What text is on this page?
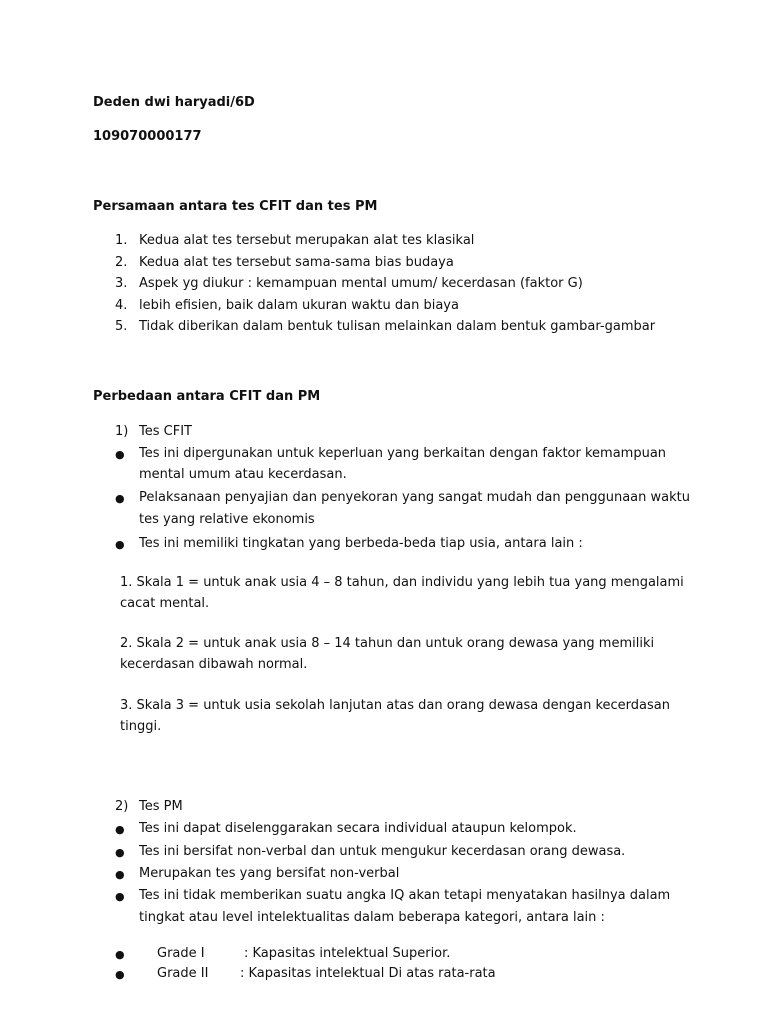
Deden dwi haryadi/6D
109070000177
Persamaan antara tes CFIT dan tes PM
1. Kedua alat tes tersebut merupakan alat tes klasikal
2. Kedua alat tes tersebut sama-sama bias budaya
3. Aspek yg diukur : kemampuan mental umum/ kecerdasan (faktor G)
4. lebih efisien, baik dalam ukuran waktu dan biaya
5. Tidak diberikan dalam bentuk tulisan melainkan dalam bentuk gambar-gambar
Perbedaan antara CFIT dan PM
1) Tes CFIT
●	Tes ini dipergunakan untuk keperluan yang berkaitan dengan faktor kemampuan
mental umum atau kecerdasan.
●	Pelaksanaan penyajian dan penyekoran yang sangat mudah dan penggunaan waktu
tes yang relative ekonomis
●	Tes ini memiliki tingkatan yang berbeda-beda tiap usia, antara lain :
1. Skala 1 = untuk anak usia 4 – 8 tahun, dan individu yang lebih tua yang mengalami
cacat mental.
2. Skala 2 = untuk anak usia 8 – 14 tahun dan untuk orang dewasa yang memiliki
kecerdasan dibawah normal.
3. Skala 3 = untuk usia sekolah lanjutan atas dan orang dewasa dengan kecerdasan
tinggi.
2) Tes PM
●	Tes ini dapat diselenggarakan secara individual ataupun kelompok.
●	Tes ini bersifat non-verbal dan untuk mengukur kecerdasan orang dewasa.
●	Merupakan tes yang bersifat non-verbal
●	Tes ini tidak memberikan suatu angka IQ akan tetapi menyatakan hasilnya dalam
tingkat atau level intelektualitas dalam beberapa kategori, antara lain :
●	Grade I	: Kapasitas intelektual Superior.
●	Grade II : Kapasitas intelektual Di atas rata-rata
